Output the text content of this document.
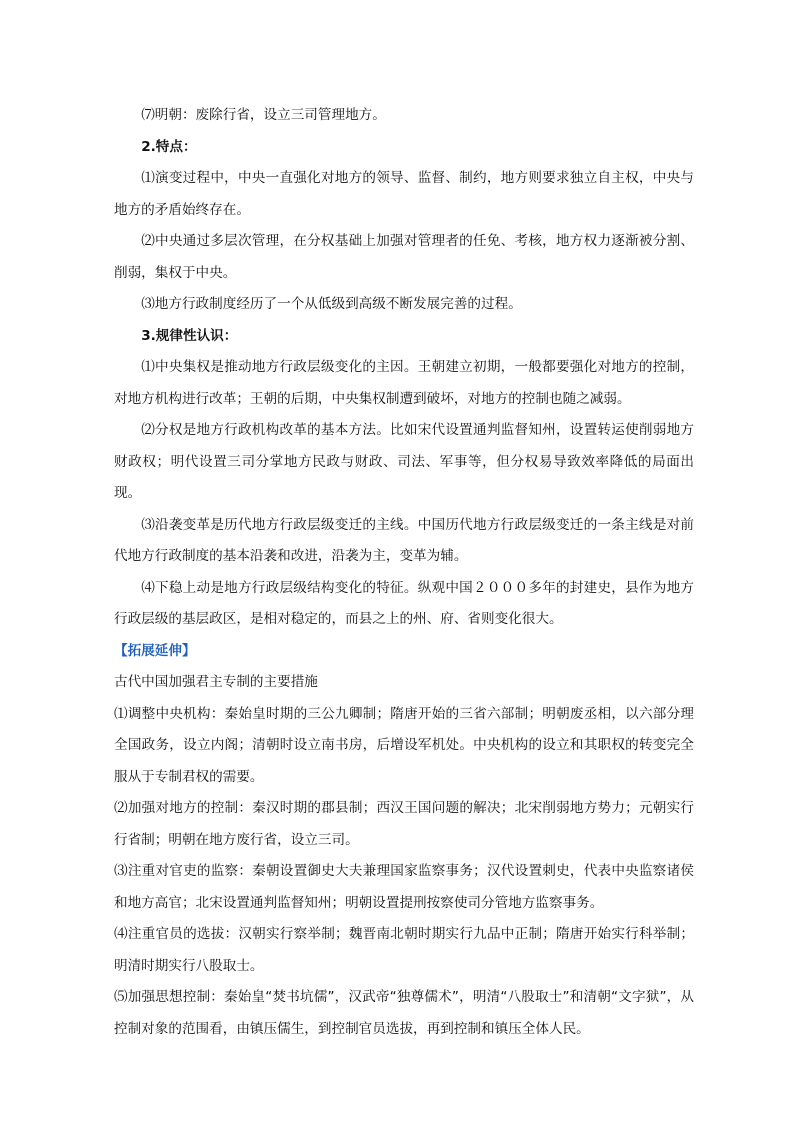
⑺明朝：废除行省，设立三司管理地方。

2.特点：

⑴演变过程中，中央一直强化对地方的领导、监督、制约，地方则要求独立自主权，中央与地方的矛盾始终存在。

⑵中央通过多层次管理，在分权基础上加强对管理者的任免、考核，地方权力逐渐被分割、削弱，集权于中央。

⑶地方行政制度经历了一个从低级到高级不断发展完善的过程。

3.规律性认识：

⑴中央集权是推动地方行政层级变化的主因。王朝建立初期，一般都要强化对地方的控制，对地方机构进行改革；王朝的后期，中央集权制遭到破坏，对地方的控制也随之减弱。

⑵分权是地方行政机构改革的基本方法。比如宋代设置通判监督知州，设置转运使削弱地方财政权；明代设置三司分掌地方民政与财政、司法、军事等，但分权易导致效率降低的局面出现。

⑶沿袭变革是历代地方行政层级变迁的主线。中国历代地方行政层级变迁的一条主线是对前代地方行政制度的基本沿袭和改进，沿袭为主，变革为辅。

⑷下稳上动是地方行政层级结构变化的特征。纵观中国２０００多年的封建史，县作为地方行政层级的基层政区，是相对稳定的，而县之上的州、府、省则变化很大。

【拓展延伸】

古代中国加强君主专制的主要措施

⑴调整中央机构：秦始皇时期的三公九卿制；隋唐开始的三省六部制；明朝废丞相，以六部分理全国政务，设立内阁；清朝时设立南书房，后增设军机处。中央机构的设立和其职权的转变完全服从于专制君权的需要。

⑵加强对地方的控制：秦汉时期的郡县制；西汉王国问题的解决；北宋削弱地方势力；元朝实行行省制；明朝在地方废行省，设立三司。

⑶注重对官吏的监察：秦朝设置御史大夫兼理国家监察事务；汉代设置刺史，代表中央监察诸侯和地方高官；北宋设置通判监督知州；明朝设置提刑按察使司分管地方监察事务。

⑷注重官员的选拔：汉朝实行察举制；魏晋南北朝时期实行九品中正制；隋唐开始实行科举制；明清时期实行八股取士。

⑸加强思想控制：秦始皇“焚书坑儒”，汉武帝“独尊儒术”，明清“八股取士”和清朝“文字狱”，从控制对象的范围看，由镇压儒生，到控制官员选拔，再到控制和镇压全体人民。
